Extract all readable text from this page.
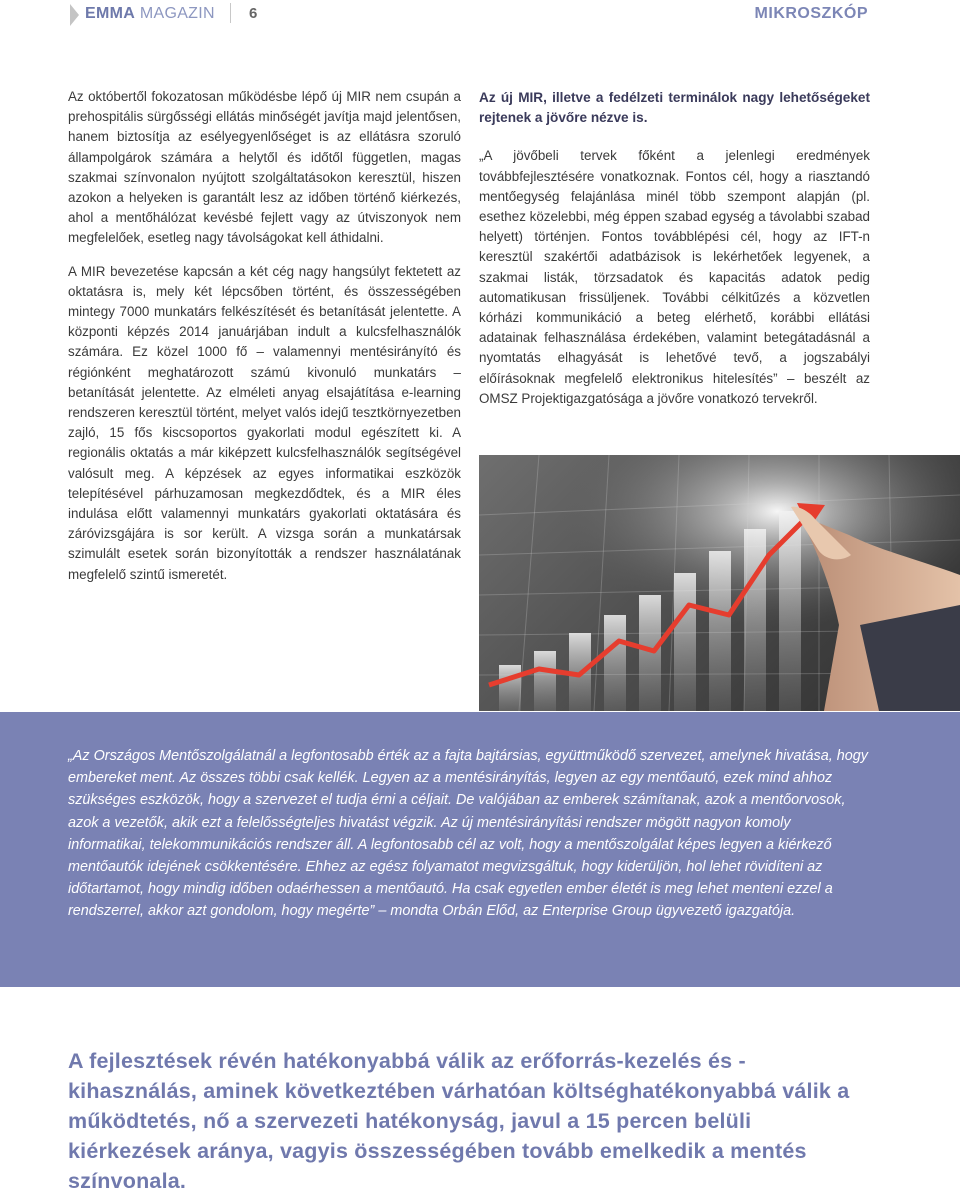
EMMA MAGAZIN 6	MIKROSZKÓP

Az októbertől fokozatosan működésbe lépő új MIR nem csupán a prehospitális sürgősségi ellátás minőségét javítja majd jelentősen, hanem biztosítja az esélyegyenlőséget is az ellátásra szoruló állampolgárok számára a helytől és időtől független, magas szakmai színvonalon nyújtott szolgáltatásokon keresztül, hiszen azokon a helyeken is garantált lesz az időben történő kiérkezés, ahol a mentőhálózat kevésbé fejlett vagy az útviszonyok nem megfelelőek, esetleg nagy távolságokat kell áthidalni.

A MIR bevezetése kapcsán a két cég nagy hangsúlyt fektetett az oktatásra is, mely két lépcsőben történt, és összességében mintegy 7000 munkatárs felkészítését és betanítását jelentette. A központi képzés 2014 januárjában indult a kulcsfelhasználók számára. Ez közel 1000 fő – valamennyi mentésirányító és régiónként meghatározott számú kivonuló munkatárs – betanítását jelentette. Az elméleti anyag elsajátítása e-learning rendszeren keresztül történt, melyet valós idejű tesztkörnyezetben zajló, 15 fős kiscsoportos gyakorlati modul egészített ki. A regionális oktatás a már kiképzett kulcsfelhasználók segítségével valósult meg. A képzések az egyes informatikai eszközök telepítésével párhuzamosan megkezdődtek, és a MIR éles indulása előtt valamennyi munkatárs gyakorlati oktatására és záróvizsgájára is sor került. A vizsga során a munkatársak szimulált esetek során bizonyították a rendszer használatának megfelelő szintű ismeretét.

Az új MIR, illetve a fedélzeti terminálok nagy lehetőségeket rejtenek a jövőre nézve is.

„A jövőbeli tervek főként a jelenlegi eredmények továbbfejlesztésére vonatkoznak. Fontos cél, hogy a riasztandó mentőegység felajánlása minél több szempont alapján (pl. esethez közelebbi, még éppen szabad egység a távolabbi szabad helyett) történjen. Fontos továbblépési cél, hogy az IFT-n keresztül szakértői adatbázisok is lekérhetőek legyenek, a szakmai listák, törzsadatok és kapacitás adatok pedig automatikusan frissüljenek. További célkitűzés a közvetlen kórházi kommunikáció a beteg elérhető, korábbi ellátási adatainak felhasználása érdekében, valamint betegátadásnál a nyomtatás elhagyását is lehetővé tevő, a jogszabályi előírásoknak megfelelő elektronikus hitelesítés” – beszélt az OMSZ Projektigazgatósága a jövőre vonatkozó tervekről.

„Az Országos Mentőszolgálatnál a legfontosabb érték az a fajta bajtársias, együttműködő szervezet, amelynek hivatása, hogy embereket ment. Az összes többi csak kellék. Legyen az a mentésirányítás, legyen az egy mentőautó, ezek mind ahhoz szükséges eszközök, hogy a szervezet el tudja érni a céljait. De valójában az emberek számítanak, azok a mentőorvosok, azok a vezetők, akik ezt a felelősségteljes hivatást végzik. Az új mentésirányítási rendszer mögött nagyon komoly informatikai, telekommunikációs rendszer áll. A legfontosabb cél az volt, hogy a mentőszolgálat képes legyen a kiérkező mentőautók idejének csökkentésére. Ehhez az egész folyamatot megvizsgáltuk, hogy kiderüljön, hol lehet rövidíteni az időtartamot, hogy mindig időben odaérhessen a mentőautó. Ha csak egyetlen ember életét is meg lehet menteni ezzel a rendszerrel, akkor azt gondolom, hogy megérte” – mondta Orbán Előd, az Enterprise Group ügyvezető igazgatója.
A fejlesztések révén hatékonyabbá válik az erőforrás-kezelés és -kihasználás, aminek következtében várhatóan költséghatékonyabbá válik a működtetés, nő a szervezeti hatékonyság, javul a 15 percen belüli kiérkezések aránya, vagyis összességében tovább emelkedik a mentés színvonala.
